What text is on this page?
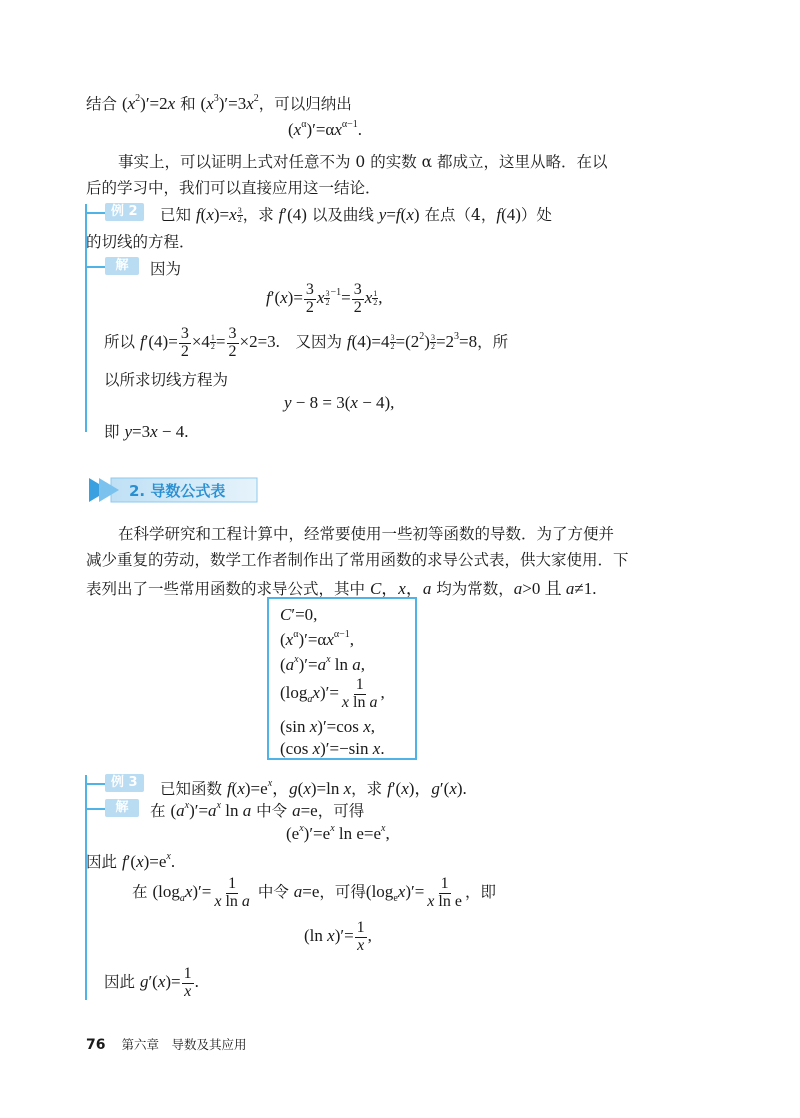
结合 $(x^2)'=2x$ 和 $(x^3)'=3x^2$，可以归纳出
$(x^\alpha)'=\alpha x^{\alpha-1}$.
事实上，可以证明上式对任意不为 0 的实数 α 都成立，这里从略．在以
后的学习中，我们可以直接应用这一结论．
例 2	已知 $f(x)=x \frac{3}{2}$ ，求 f′(4) 以及曲线 y=f(x) 在点（4，f(4)）处
的切线的方程．
解	因为
$f'(x)= \frac{3}{2}$ x $\frac{3}{2} ^{-1}= \frac{3}{2}$ x $\frac{1}{2}$ ,
所以 $f'(4)= \frac{3}{2} \times 4 \frac{1}{2} = \frac{3}{2} \times 2=3$.　又因为 $f(4)=4 \frac{3}{2} =(2^2) \frac{3}{2} =2^3=8$，所
以所求切线方程为
y − 8 = 3(x − 4),
即 y=3x − 4.
2. 导数公式表
在科学研究和工程计算中，经常要使用一些初等函数的导数．为了方便并
减少重复的劳动，数学工作者制作出了常用函数的求导公式表，供大家使用．下
表列出了一些常用函数的求导公式，其中 C，x，a 均为常数，a>0 且 a≠1.
C′=0,
$(x^\alpha)'=\alpha x^{\alpha-1}$,
$(a^x)'=a^x$ ln a,
$(\log_ax)'= \frac{1}{\text{x ln a}}$ ,
(sin x)′=cos x,
(cos x)′=−sin x.
例 3	已知函数 $f(x)=e^x$，g(x)=ln x，求 f′(x)，g′(x).
解	在 $(a^x)'=a^x$ ln a 中令 a=e，可得
$(e^x)'=e^x$ $\ln e=e^x$,
因此 $f'(x)=e^x$.
在 $(\log_ax)'= \frac{1}{\text{x ln a}}$ 中令 a=e，可得$(\log_ex)'= \frac{1}{\text{x ln e}}$ ，即
(ln $x)'= \frac{1}{x}$ ,
因此 $g'(x)= \frac{1}{x}$ .
76 第六章　导数及其应用
